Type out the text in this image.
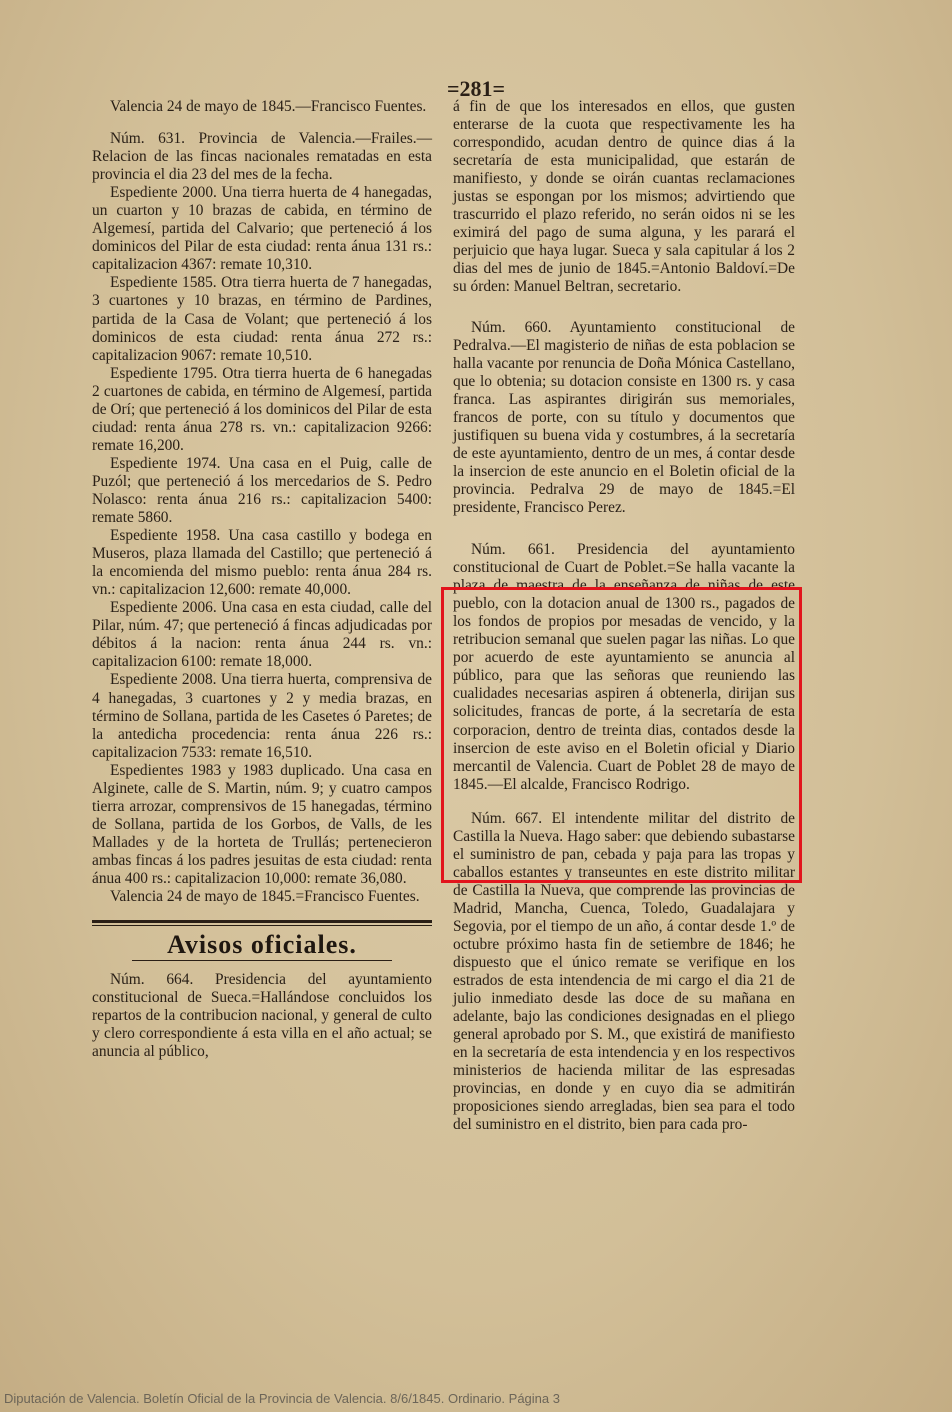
=281=

Valencia 24 de mayo de 1845.—Francisco Fuentes.

Núm. 631. Provincia de Valencia.—Frailes.—Relacion de las fincas nacionales rematadas en esta provincia el dia 23 del mes de la fecha.

Espediente 2000. Una tierra huerta de 4 hanegadas, un cuarton y 10 brazas de cabida, en término de Algemesí, partida del Calvario; que perteneció á los dominicos del Pilar de esta ciudad: renta ánua 131 rs.: capitalizacion 4367: remate 10,310.

Espediente 1585. Otra tierra huerta de 7 hanegadas, 3 cuartones y 10 brazas, en término de Pardines, partida de la Casa de Volant; que perteneció á los dominicos de esta ciudad: renta ánua 272 rs.: capitalizacion 9067: remate 10,510.

Espediente 1795. Otra tierra huerta de 6 hanegadas 2 cuartones de cabida, en término de Algemesí, partida de Orí; que perteneció á los dominicos del Pilar de esta ciudad: renta ánua 278 rs. vn.: capitalizacion 9266: remate 16,200.

Espediente 1974. Una casa en el Puig, calle de Puzól; que perteneció á los mercedarios de S. Pedro Nolasco: renta ánua 216 rs.: capitalizacion 5400: remate 5860.

Espediente 1958. Una casa castillo y bodega en Museros, plaza llamada del Castillo; que perteneció á la encomienda del mismo pueblo: renta ánua 284 rs. vn.: capitalizacion 12,600: remate 40,000.

Espediente 2006. Una casa en esta ciudad, calle del Pilar, núm. 47; que perteneció á fincas adjudicadas por débitos á la nacion: renta ánua 244 rs. vn.: capitalizacion 6100: remate 18,000.

Espediente 2008. Una tierra huerta, comprensiva de 4 hanegadas, 3 cuartones y 2 y media brazas, en término de Sollana, partida de les Casetes ó Paretes; de la antedicha procedencia: renta ánua 226 rs.: capitalizacion 7533: remate 16,510.

Espedientes 1983 y 1983 duplicado. Una casa en Alginete, calle de S. Martin, núm. 9; y cuatro campos tierra arrozar, comprensivos de 15 hanegadas, término de Sollana, partida de los Gorbos, de Valls, de les Mallades y de la horteta de Trullás; pertenecieron ambas fincas á los padres jesuitas de esta ciudad: renta ánua 400 rs.: capitalizacion 10,000: remate 36,080.

Valencia 24 de mayo de 1845.=Francisco Fuentes.

Avisos oficiales.

Núm. 664. Presidencia del ayuntamiento constitucional de Sueca.=Hallándose concluidos los repartos de la contribucion nacional, y general de culto y clero correspondiente á esta villa en el año actual; se anuncia al público,

á fin de que los interesados en ellos, que gusten enterarse de la cuota que respectivamente les ha correspondido, acudan dentro de quince dias á la secretaría de esta municipalidad, que estarán de manifiesto, y donde se oirán cuantas reclamaciones justas se espongan por los mismos; advirtiendo que trascurrido el plazo referido, no serán oidos ni se les eximirá del pago de suma alguna, y les parará el perjuicio que haya lugar. Sueca y sala capitular á los 2 dias del mes de junio de 1845.=Antonio Baldoví.=De su órden: Manuel Beltran, secretario.

Núm. 660. Ayuntamiento constitucional de Pedralva.—El magisterio de niñas de esta poblacion se halla vacante por renuncia de Doña Mónica Castellano, que lo obtenia; su dotacion consiste en 1300 rs. y casa franca. Las aspirantes dirigirán sus memoriales, francos de porte, con su título y documentos que justifiquen su buena vida y costumbres, á la secretaría de este ayuntamiento, dentro de un mes, á contar desde la insercion de este anuncio en el Boletin oficial de la provincia. Pedralva 29 de mayo de 1845.=El presidente, Francisco Perez.

Núm. 661. Presidencia del ayuntamiento constitucional de Cuart de Poblet.=Se halla vacante la plaza de maestra de la enseñanza de niñas de este pueblo, con la dotacion anual de 1300 rs., pagados de los fondos de propios por mesadas de vencido, y la retribucion semanal que suelen pagar las niñas. Lo que por acuerdo de este ayuntamiento se anuncia al público, para que las señoras que reuniendo las cualidades necesarias aspiren á obtenerla, dirijan sus solicitudes, francas de porte, á la secretaría de esta corporacion, dentro de treinta dias, contados desde la insercion de este aviso en el Boletin oficial y Diario mercantil de Valencia. Cuart de Poblet 28 de mayo de 1845.—El alcalde, Francisco Rodrigo.

Núm. 667. El intendente militar del distrito de Castilla la Nueva. Hago saber: que debiendo subastarse el suministro de pan, cebada y paja para las tropas y caballos estantes y transeuntes en este distrito militar de Castilla la Nueva, que comprende las provincias de Madrid, Mancha, Cuenca, Toledo, Guadalajara y Segovia, por el tiempo de un año, á contar desde 1.º de octubre próximo hasta fin de setiembre de 1846; he dispuesto que el único remate se verifique en los estrados de esta intendencia de mi cargo el dia 21 de julio inmediato desde las doce de su mañana en adelante, bajo las condiciones designadas en el pliego general aprobado por S. M., que existirá de manifiesto en la secretaría de esta intendencia y en los respectivos ministerios de hacienda militar de las espresadas provincias, en donde y en cuyo dia se admitirán proposiciones siendo arregladas, bien sea para el todo del suministro en el distrito, bien para cada pro-

Diputación de Valencia. Boletín Oficial de la Provincia de Valencia. 8/6/1845. Ordinario. Página 3
